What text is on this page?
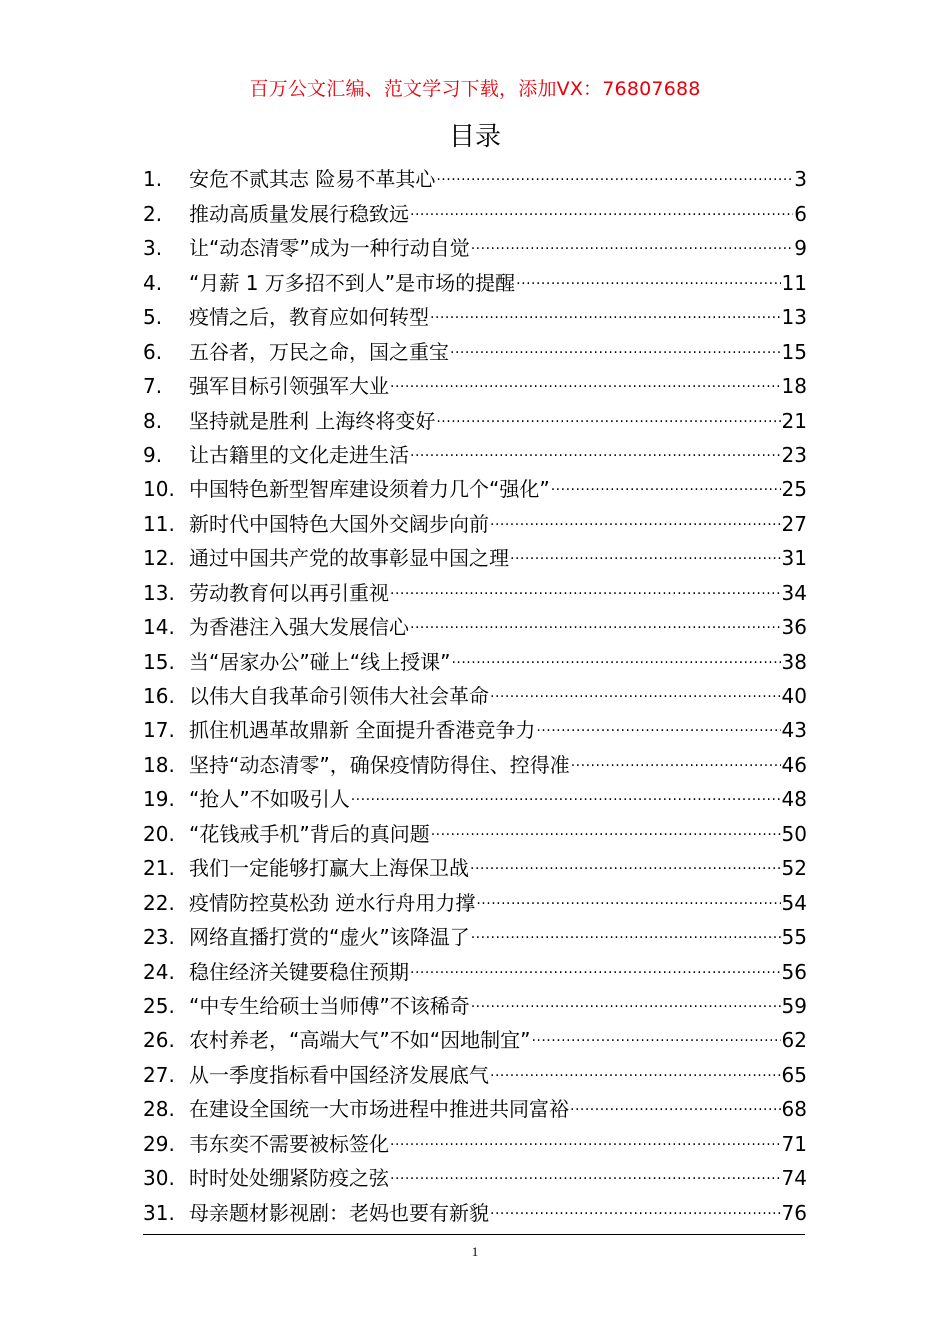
百万公文汇编、范文学习下载，添加VX：76807688
目录
1.	安危不贰其志 险易不革其心 .....	3
2.	推动高质量发展行稳致远 .....	6
3.	让“动态清零”成为一种行动自觉 .....	9
4.	“月薪 1 万多招不到人”是市场的提醒 .....	11
5.	疫情之后，教育应如何转型 .....	13
6.	五谷者，万民之命，国之重宝 .....	15
7.	强军目标引领强军大业 .....	18
8.	坚持就是胜利 上海终将变好 .....	21
9.	让古籍里的文化走进生活 .....	23
10. 中国特色新型智库建设须着力几个“强化” .....	25
11. 新时代中国特色大国外交阔步向前 .....	27
12. 通过中国共产党的故事彰显中国之理 .....	31
13. 劳动教育何以再引重视 .....	34
14. 为香港注入强大发展信心 .....	36
15. 当“居家办公”碰上“线上授课” .....	38
16. 以伟大自我革命引领伟大社会革命 .....	40
17. 抓住机遇革故鼎新 全面提升香港竞争力 .....	43
18. 坚持“动态清零”，确保疫情防得住、控得准 .....	46
19. “抢人”不如吸引人 .....	48
20. “花钱戒手机”背后的真问题 .....	50
21. 我们一定能够打赢大上海保卫战 .....	52
22. 疫情防控莫松劲 逆水行舟用力撑 .....	54
23. 网络直播打赏的“虚火”该降温了 .....	55
24. 稳住经济关键要稳住预期 .....	56
25. “中专生给硕士当师傅”不该稀奇 .....	59
26. 农村养老，“高端大气”不如“因地制宜” .....	62
27. 从一季度指标看中国经济发展底气 .....	65
28. 在建设全国统一大市场进程中推进共同富裕 .....	68
29. 韦东奕不需要被标签化 .....	71
30. 时时处处绷紧防疫之弦 .....	74
31. 母亲题材影视剧：老妈也要有新貌 .....	76
1
